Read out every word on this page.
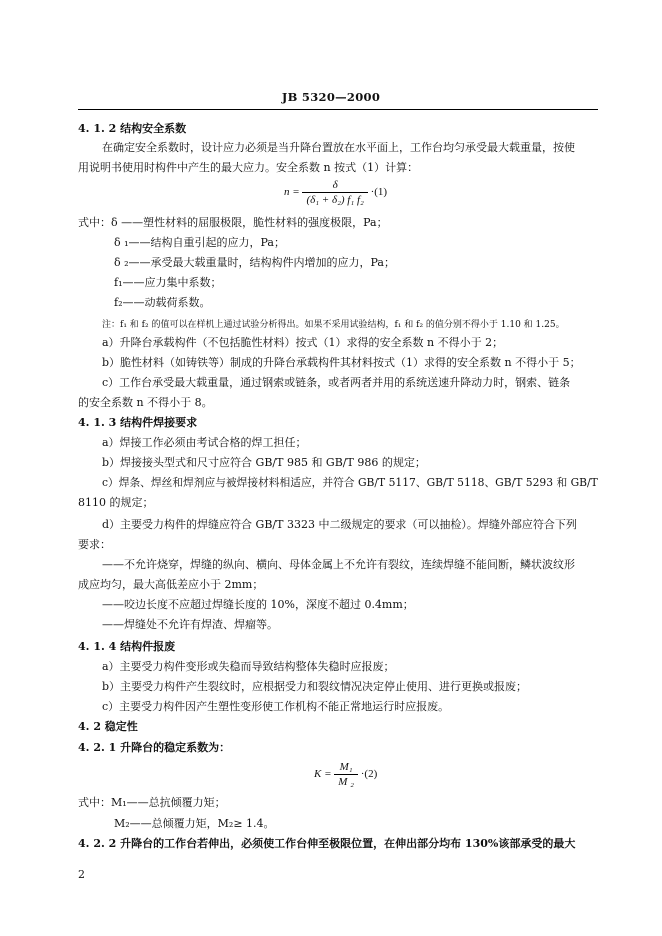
JB 5320—2000
4. 1. 2 结构安全系数
在确定安全系数时，设计应力必须是当升降台置放在水平面上，工作台均匀承受最大载重量，按使
用说明书使用时构件中产生的最大应力。安全系数 n 按式（1）计算：
$n = \frac{\delta}{\text{(δ₁ + δ₂) f₁ f₂}} \cdot(1)$
式中：δ ——塑性材料的屈服极限，脆性材料的强度极限，Pa；
δ ₁——结构自重引起的应力，Pa；
δ ₂——承受最大载重量时，结构构件内增加的应力，Pa；
f₁——应力集中系数；
f₂——动载荷系数。
注：f₁ 和 f₂ 的值可以在样机上通过试验分析得出。如果不采用试验结构，f₁ 和 f₂ 的值分别不得小于 1.10 和 1.25。
a）升降台承载构件（不包括脆性材料）按式（1）求得的安全系数 n 不得小于 2；
b）脆性材料（如铸铁等）制成的升降台承载构件其材料按式（1）求得的安全系数 n 不得小于 5；
c）工作台承受最大载重量，通过钢索或链条，或者两者并用的系统送速升降动力时，钢索、链条
的安全系数 n 不得小于 8。
4. 1. 3 结构件焊接要求
a）焊接工作必须由考试合格的焊工担任；
b）焊接接头型式和尺寸应符合 GB/T 985 和 GB/T 986 的规定；
c）焊条、焊丝和焊剂应与被焊接材料相适应，并符合 GB/T 5117、GB/T 5118、GB/T 5293 和 GB/T
8110 的规定；
d）主要受力构件的焊缝应符合 GB/T 3323 中二级规定的要求（可以抽检）。焊缝外部应符合下列
要求：
——不允许烧穿，焊缝的纵向、横向、母体金属上不允许有裂纹，连续焊缝不能间断，鳞状波纹形
成应均匀，最大高低差应小于 2mm；
——咬边长度不应超过焊缝长度的 10%，深度不超过 0.4mm；
——焊缝处不允许有焊渣、焊瘤等。
4. 1. 4 结构件报废
a）主要受力构件变形或失稳而导致结构整体失稳时应报废；
b）主要受力构件产生裂纹时，应根据受力和裂纹情况决定停止使用、进行更换或报废；
c）主要受力构件因产生塑性变形使工作机构不能正常地运行时应报废。
4. 2 稳定性
4. 2. 1 升降台的稳定系数为：
$K = \frac{\text{M₁}}{\text{M ₂}} \cdot(2)$
式中：M₁——总抗倾覆力矩；
M₂——总倾覆力矩，M₂≥ 1.4。
4. 2. 2 升降台的工作台若伸出，必须使工作台伸至极限位置，在伸出部分均布 130%该部承受的最大
2
